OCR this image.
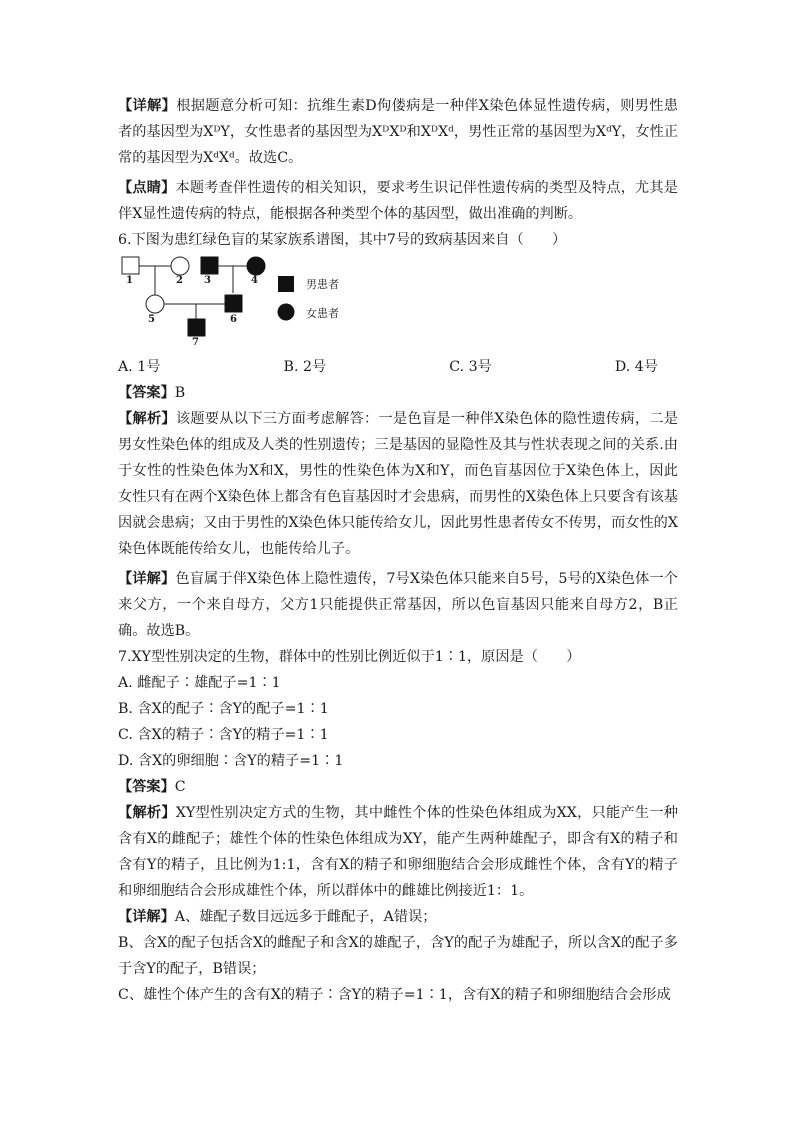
【详解】根据题意分析可知：抗维生素D佝偻病是一种伴X染色体显性遗传病，则男性患者的基因型为XᴰY，女性患者的基因型为XᴰXᴰ和XᴰXᵈ，男性正常的基因型为XᵈY，女性正常的基因型为XᵈXᵈ。故选C。

【点睛】本题考查伴性遗传的相关知识，要求考生识记伴性遗传病的类型及特点，尤其是伴X显性遗传病的特点，能根据各种类型个体的基因型，做出准确的判断。

6.下图为患红绿色盲的某家族系谱图，其中7号的致病基因来自（　　）

1	2 3	4
5	6
7
男患者
女患者
A. 1号	B. 2号	C. 3号	D. 4号

【答案】B

【解析】该题要从以下三方面考虑解答：一是色盲是一种伴X染色体的隐性遗传病，二是男女性染色体的组成及人类的性别遗传；三是基因的显隐性及其与性状表现之间的关系.由于女性的性染色体为X和X，男性的性染色体为X和Y，而色盲基因位于X染色体上，因此女性只有在两个X染色体上都含有色盲基因时才会患病，而男性的X染色体上只要含有该基因就会患病；又由于男性的X染色体只能传给女儿，因此男性患者传女不传男，而女性的X染色体既能传给女儿，也能传给儿子。

【详解】色盲属于伴X染色体上隐性遗传，7号X染色体只能来自5号，5号的X染色体一个来父方，一个来自母方，父方1只能提供正常基因，所以色盲基因只能来自母方2，B正确。故选B。

7.XY型性别决定的生物，群体中的性别比例近似于1∶1，原因是（　　）

A. 雌配子∶雄配子=1∶1

B. 含X的配子∶含Y的配子=1∶1

C. 含X的精子∶含Y的精子=1∶1

D. 含X的卵细胞∶含Y的精子=1∶1

【答案】C

【解析】XY型性别决定方式的生物，其中雌性个体的性染色体组成为XX，只能产生一种含有X的雌配子；雄性个体的性染色体组成为XY，能产生两种雄配子，即含有X的精子和含有Y的精子，且比例为1:1，含有X的精子和卵细胞结合会形成雌性个体，含有Y的精子和卵细胞结合会形成雄性个体，所以群体中的雌雄比例接近1：1。

【详解】A、雄配子数目远远多于雌配子，A错误；

B、含X的配子包括含X的雌配子和含X的雄配子，含Y的配子为雄配子，所以含X的配子多于含Y的配子，B错误；

C、雄性个体产生的含有X的精子∶含Y的精子=1∶1，含有X的精子和卵细胞结合会形成
